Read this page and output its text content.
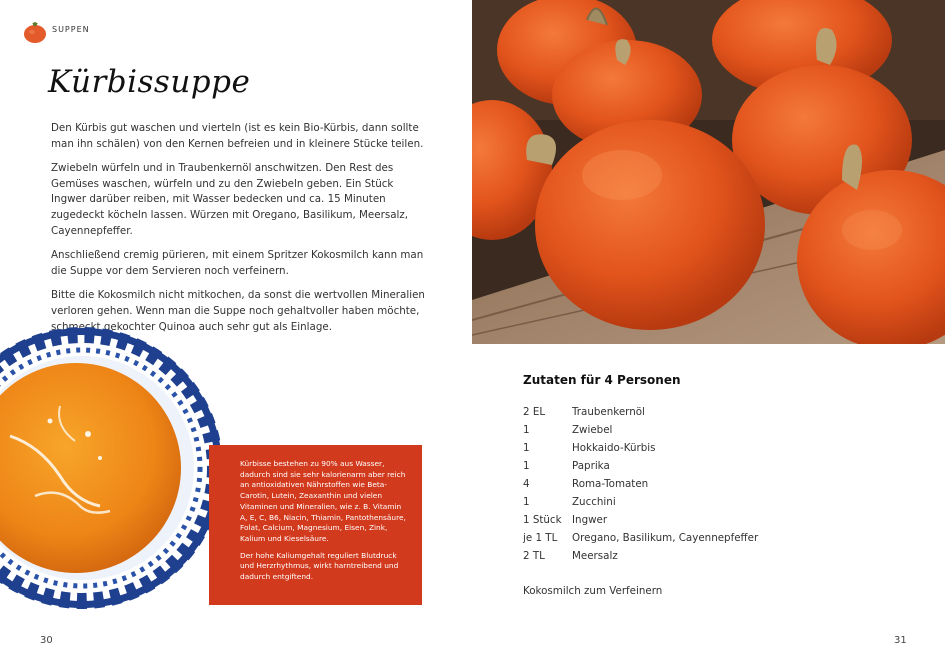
SUPPEN
Kürbissuppe

Den Kürbis gut waschen und vierteln (ist es kein Bio-Kürbis, dann sollte man ihn schälen) von den Kernen befreien und in kleinere Stücke teilen.

Zwiebeln würfeln und in Traubenkernöl anschwitzen. Den Rest des Gemüses waschen, würfeln und zu den Zwiebeln geben. Ein Stück Ingwer darüber reiben, mit Wasser bedecken und ca. 15 Minuten zugedeckt köcheln lassen. Würzen mit Oregano, Basilikum, Meersalz, Cayennepfeffer.

Anschließend cremig pürieren, mit einem Spritzer Kokosmilch kann man die Suppe vor dem Servieren noch verfeinern.

Bitte die Kokosmilch nicht mitkochen, da sonst die wertvollen Mineralien verloren gehen. Wenn man die Suppe noch gehaltvoller haben möchte, schmeckt gekochter Quinoa auch sehr gut als Einlage.

Kürbisse bestehen zu 90% aus Wasser, dadurch sind sie sehr kalorienarm aber reich an antioxidativen Nährstoffen wie Beta-Carotin, Lutein, Zeaxanthin und vielen Vitaminen und Mineralien, wie z. B. Vitamin A, E, C, B6, Niacin, Thiamin, Pantothensäure, Folat, Calcium, Magnesium, Eisen, Zink, Kalium und Kieselsäure.

Der hohe Kaliumgehalt reguliert Blutdruck und Herzrhythmus, wirkt harntreibend und dadurch entgiftend.

30
Zutaten für 4 Personen
2 EL	Traubenkernöl
1	Zwiebel
1	Hokkaido-Kürbis
1	Paprika
4	Roma-Tomaten
1	Zucchini
1 Stück Ingwer
je 1 TL Oregano, Basilikum, Cayennepfeffer
2 TL	Meersalz
Kokosmilch zum Verfeinern
31
